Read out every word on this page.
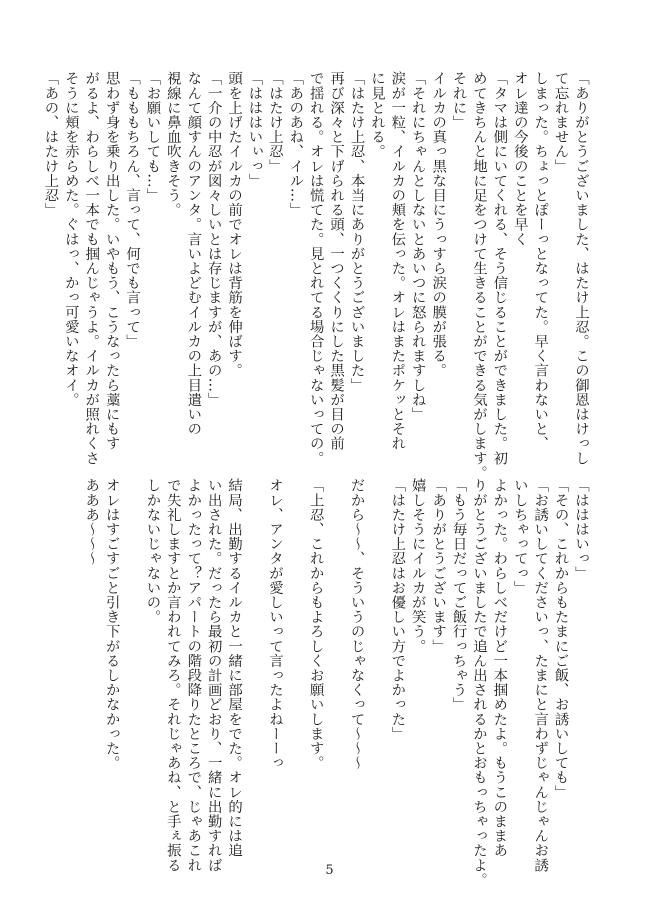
「ありがとうございました、はたけ上忍。この御恩はけっし
て忘れません」
しまった。ちょっとぽーっとなってた。早く言わないと、
オレ達の今後のことを早く
「タマは側にいてくれる、そう信じることができました。初
めてきちんと地に足をつけて生きることができる気がします。
それに」
イルカの真っ黒な目にうっすら涙の膜が張る。
「それにちゃんとしないとあいつに怒られますしね」
涙が一粒、イルカの頬を伝った。オレはまたポケッとそれ
に見とれる。
「はたけ上忍、本当にありがとうございました」
再び深々と下げられる頭、一つくくりにした黒髪が目の前
で揺れる。オレは慌てた。見とれてる場合じゃないっての。
「あのあね、イル…」
「はたけ上忍」
「はははいぃっ」
頭を上げたイルカの前でオレは背筋を伸ばす。
「一介の中忍が図々しいとは存じますが、あの…」
なんて顔すんのアンタ。言いよどむイルカの上目遣いの
視線に鼻血吹きそう。
「お願いしても…」
「もももちろん、言って、何でも言って」
思わず身を乗り出した。いやもう、こうなったら藁にもす
がるよ、わらしべ一本でも掴んじゃうよ。イルカが照れくさ
そうに頬を赤らめた。ぐはっ、かっ可愛いなオイ。
「あの、はたけ上忍」
「はははいっ」
「その、これからもたまにご飯、お誘いしても」
「お誘いしてくださいっ、たまにと言わずじゃんじゃんお誘
いしちゃってっ」
よかった。わらしべだけど一本掴めたよ。もうこのままあ
りがとうございましたで追ん出されるかとおもっちゃったよ。
「もう毎日だってご飯行っちゃう」
「ありがとうございます」
嬉しそうにイルカが笑う。
「はたけ上忍はお優しい方でよかった」

だから〜〜、そういうのじゃなくって〜〜〜

「上忍、これからもよろしくお願いします。

オレ、アンタが愛しいって言ったよねーーっ

結局、出勤するイルカと一緒に部屋をでた。オレ的には追
い出された。だったら最初の計画どおり、一緒に出勤すれば
よかったって？アパートの階段降りたところで、じゃあこれ
で失礼しますとか言われてみろ。それじゃあね、と手ぇ振る
しかないじゃないの。

オレはすごすごと引き下がるしかなかった。
あああ〜〜〜
5
